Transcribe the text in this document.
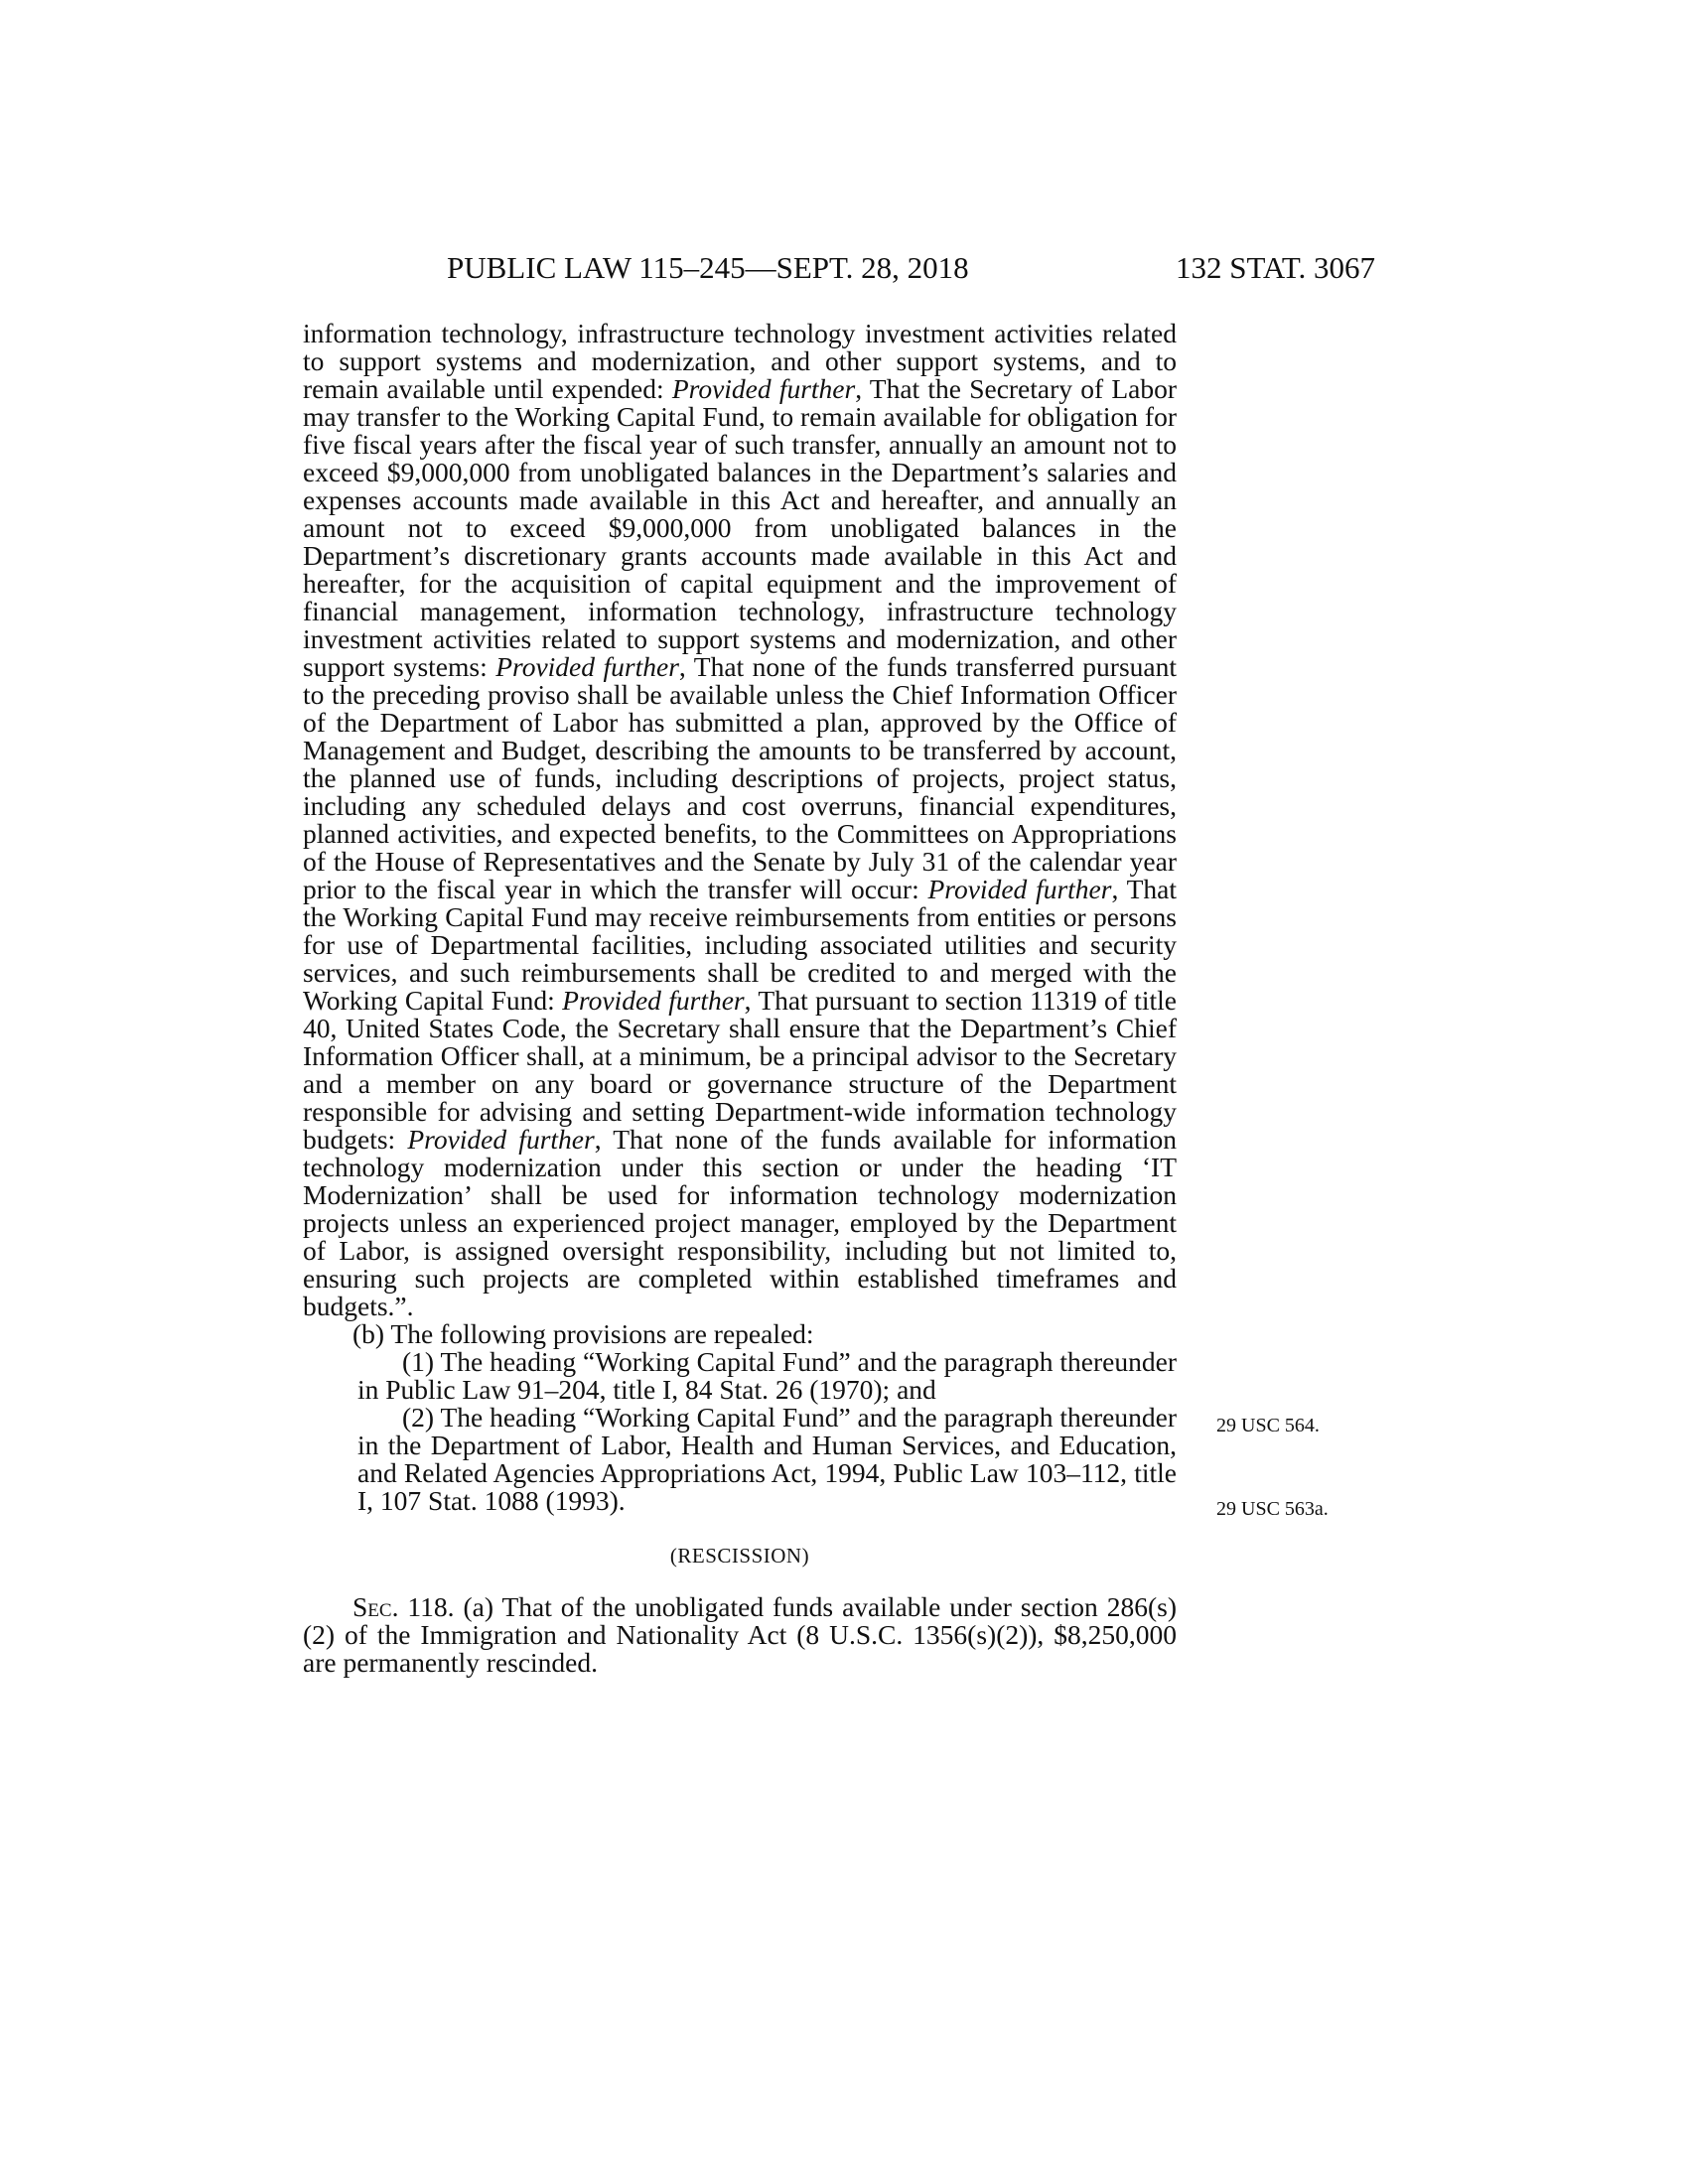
PUBLIC LAW 115–245—SEPT. 28, 2018	132 STAT. 3067

information technology, infrastructure technology investment activities related to support systems and modernization, and other support systems, and to remain available until expended: Provided further, That the Secretary of Labor may transfer to the Working Capital Fund, to remain available for obligation for five fiscal years after the fiscal year of such transfer, annually an amount not to exceed $9,000,000 from unobligated balances in the Department’s salaries and expenses accounts made available in this Act and hereafter, and annually an amount not to exceed $9,000,000 from unobligated balances in the Department’s discretionary grants accounts made available in this Act and hereafter, for the acquisition of capital equipment and the improvement of financial management, information technology, infrastructure technology investment activities related to support systems and modernization, and other support systems: Provided further, That none of the funds transferred pursuant to the preceding proviso shall be available unless the Chief Information Officer of the Department of Labor has submitted a plan, approved by the Office of Management and Budget, describing the amounts to be transferred by account, the planned use of funds, including descriptions of projects, project status, including any scheduled delays and cost overruns, financial expenditures, planned activities, and expected benefits, to the Committees on Appropriations of the House of Representatives and the Senate by July 31 of the calendar year prior to the fiscal year in which the transfer will occur: Provided further, That the Working Capital Fund may receive reimbursements from entities or persons for use of Departmental facilities, including associated utilities and security services, and such reimbursements shall be credited to and merged with the Working Capital Fund: Provided further, That pursuant to section 11319 of title 40, United States Code, the Secretary shall ensure that the Department’s Chief Information Officer shall, at a minimum, be a principal advisor to the Secretary and a member on any board or governance structure of the Department responsible for advising and setting Department-wide information technology budgets: Provided further, That none of the funds available for information technology modernization under this section or under the heading ‘IT Modernization’ shall be used for information technology modernization projects unless an experienced project manager, employed by the Department of Labor, is assigned oversight responsibility, including but not limited to, ensuring such projects are completed within established timeframes and budgets.”.

(b) The following provisions are repealed:

(1) The heading “Working Capital Fund” and the paragraph thereunder in Public Law 91–204, title I, 84 Stat. 26 (1970); and

29 USC 564.

(2) The heading “Working Capital Fund” and the paragraph thereunder in the Department of Labor, Health and Human Services, and Education, and Related Agencies Appropriations Act, 1994, Public Law 103–112, title I, 107 Stat. 1088 (1993).	29 USC 563a.

(RESCISSION)

Sec. 118. (a) That of the unobligated funds available under section 286(s)(2) of the Immigration and Nationality Act (8 U.S.C. 1356(s)(2)), $8,250,000 are permanently rescinded.
